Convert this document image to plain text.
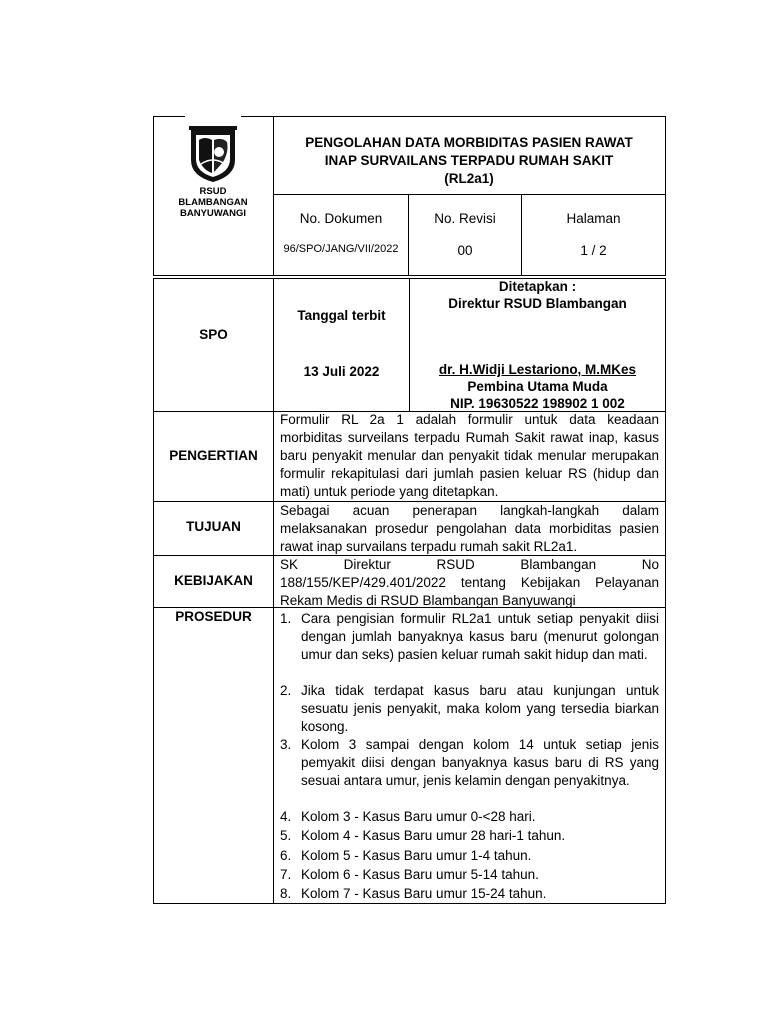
RSUD
BLAMBANGAN
BANYUWANGI
PENGOLAHAN DATA MORBIDITAS PASIEN RAWAT
INAP SURVAILANS TERPADU RUMAH SAKIT
(RL2a1)
No. Dokumen
96/SPO/JANG/VII/2022
No. Revisi
00
Halaman
1 / 2
SPO
Tanggal terbit
13 Juli 2022
Ditetapkan :
Direktur RSUD Blambangan
dr. H.Widji Lestariono, M.MKes
Pembina Utama Muda
NIP. 19630522 198902 1 002
PENGERTIAN
Formulir RL 2a 1 adalah formulir untuk data keadaan morbiditas surveilans terpadu Rumah Sakit rawat inap, kasus baru penyakit menular dan penyakit tidak menular merupakan formulir rekapitulasi dari jumlah pasien keluar RS (hidup dan mati) untuk periode yang ditetapkan.
TUJUAN
Sebagai acuan penerapan langkah-langkah dalam melaksanakan prosedur pengolahan data morbiditas pasien rawat inap survailans terpadu rumah sakit RL2a1.
KEBIJAKAN
SK Direktur RSUD Blambangan No 188/155/KEP/429.401/2022 tentang Kebijakan Pelayanan Rekam Medis di RSUD Blambangan Banyuwangi
PROSEDUR	1. Cara pengisian formulir RL2a1 untuk setiap penyakit diisi dengan jumlah banyaknya kasus baru (menurut golongan umur dan seks) pasien keluar rumah sakit hidup dan mati.
2. Jika tidak terdapat kasus baru atau kunjungan untuk sesuatu jenis penyakit, maka kolom yang tersedia biarkan kosong.
3. Kolom 3 sampai dengan kolom 14 untuk setiap jenis pemyakit diisi dengan banyaknya kasus baru di RS yang sesuai antara umur, jenis kelamin dengan penyakitnya.
4. Kolom 3 - Kasus Baru umur 0-<28 hari.
5. Kolom 4 - Kasus Baru umur 28 hari-1 tahun.
6. Kolom 5 - Kasus Baru umur 1-4 tahun.
7. Kolom 6 - Kasus Baru umur 5-14 tahun.
8. Kolom 7 - Kasus Baru umur 15-24 tahun.
